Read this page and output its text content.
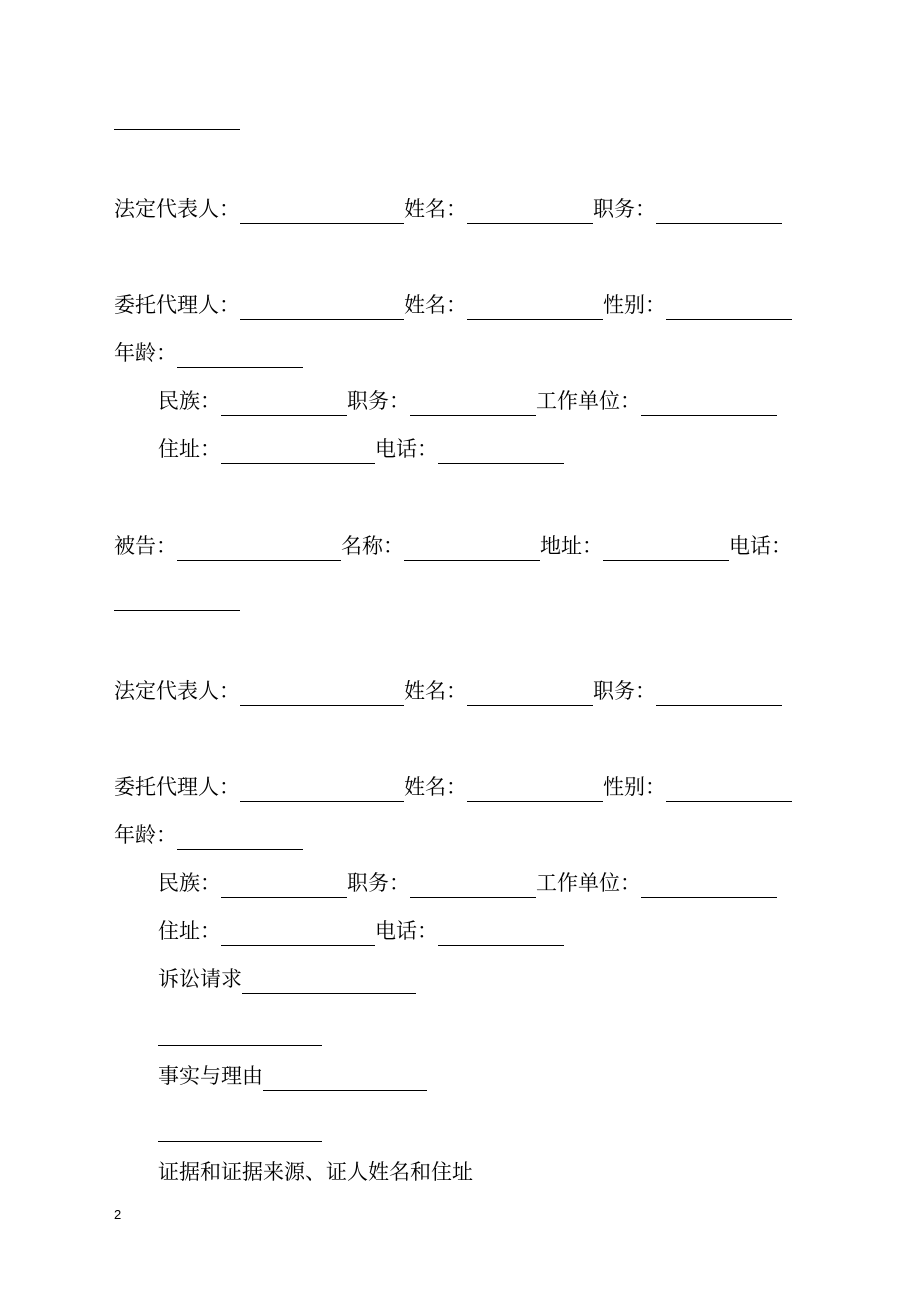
法定代表人：	姓名：	职务：
委托代理人：	姓名：	性别：
年龄：
民族：	职务：	工作单位：
住址：	电话：
被告：	名称：	地址：	电话：
法定代表人：	姓名：	职务：
委托代理人：	姓名：	性别：
年龄：
民族：	职务：	工作单位：
住址：	电话：
诉讼请求
事实与理由
证据和证据来源、证人姓名和住址
2
